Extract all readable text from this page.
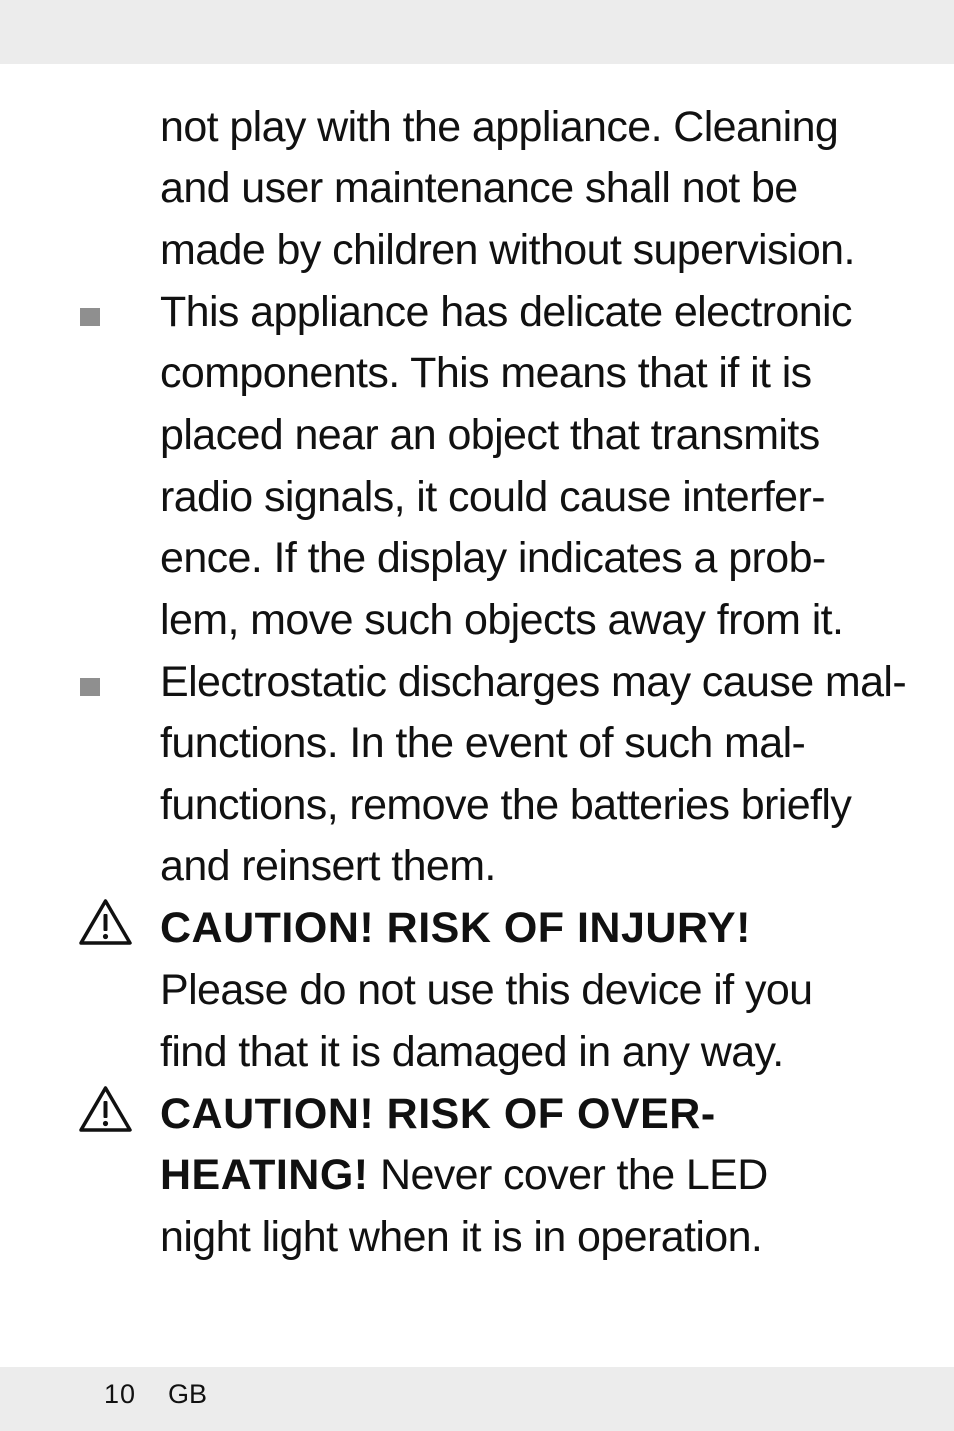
not play with the appliance. Cleaning
and user maintenance shall not be
made by children without supervision.
This appliance has delicate electronic
components. This means that if it is
placed near an object that transmits
radio signals, it could cause interfer-
ence. If the display indicates a prob-
lem, move such objects away from it.
Electrostatic discharges may cause mal-
functions. In the event of such mal-
functions, remove the batteries briefly
and reinsert them.
CAUTION! RISK OF INJURY!
Please do not use this device if you
find that it is damaged in any way.
CAUTION! RISK OF OVER-
HEATING! Never cover the LED
night light when it is in operation.
10 GB
